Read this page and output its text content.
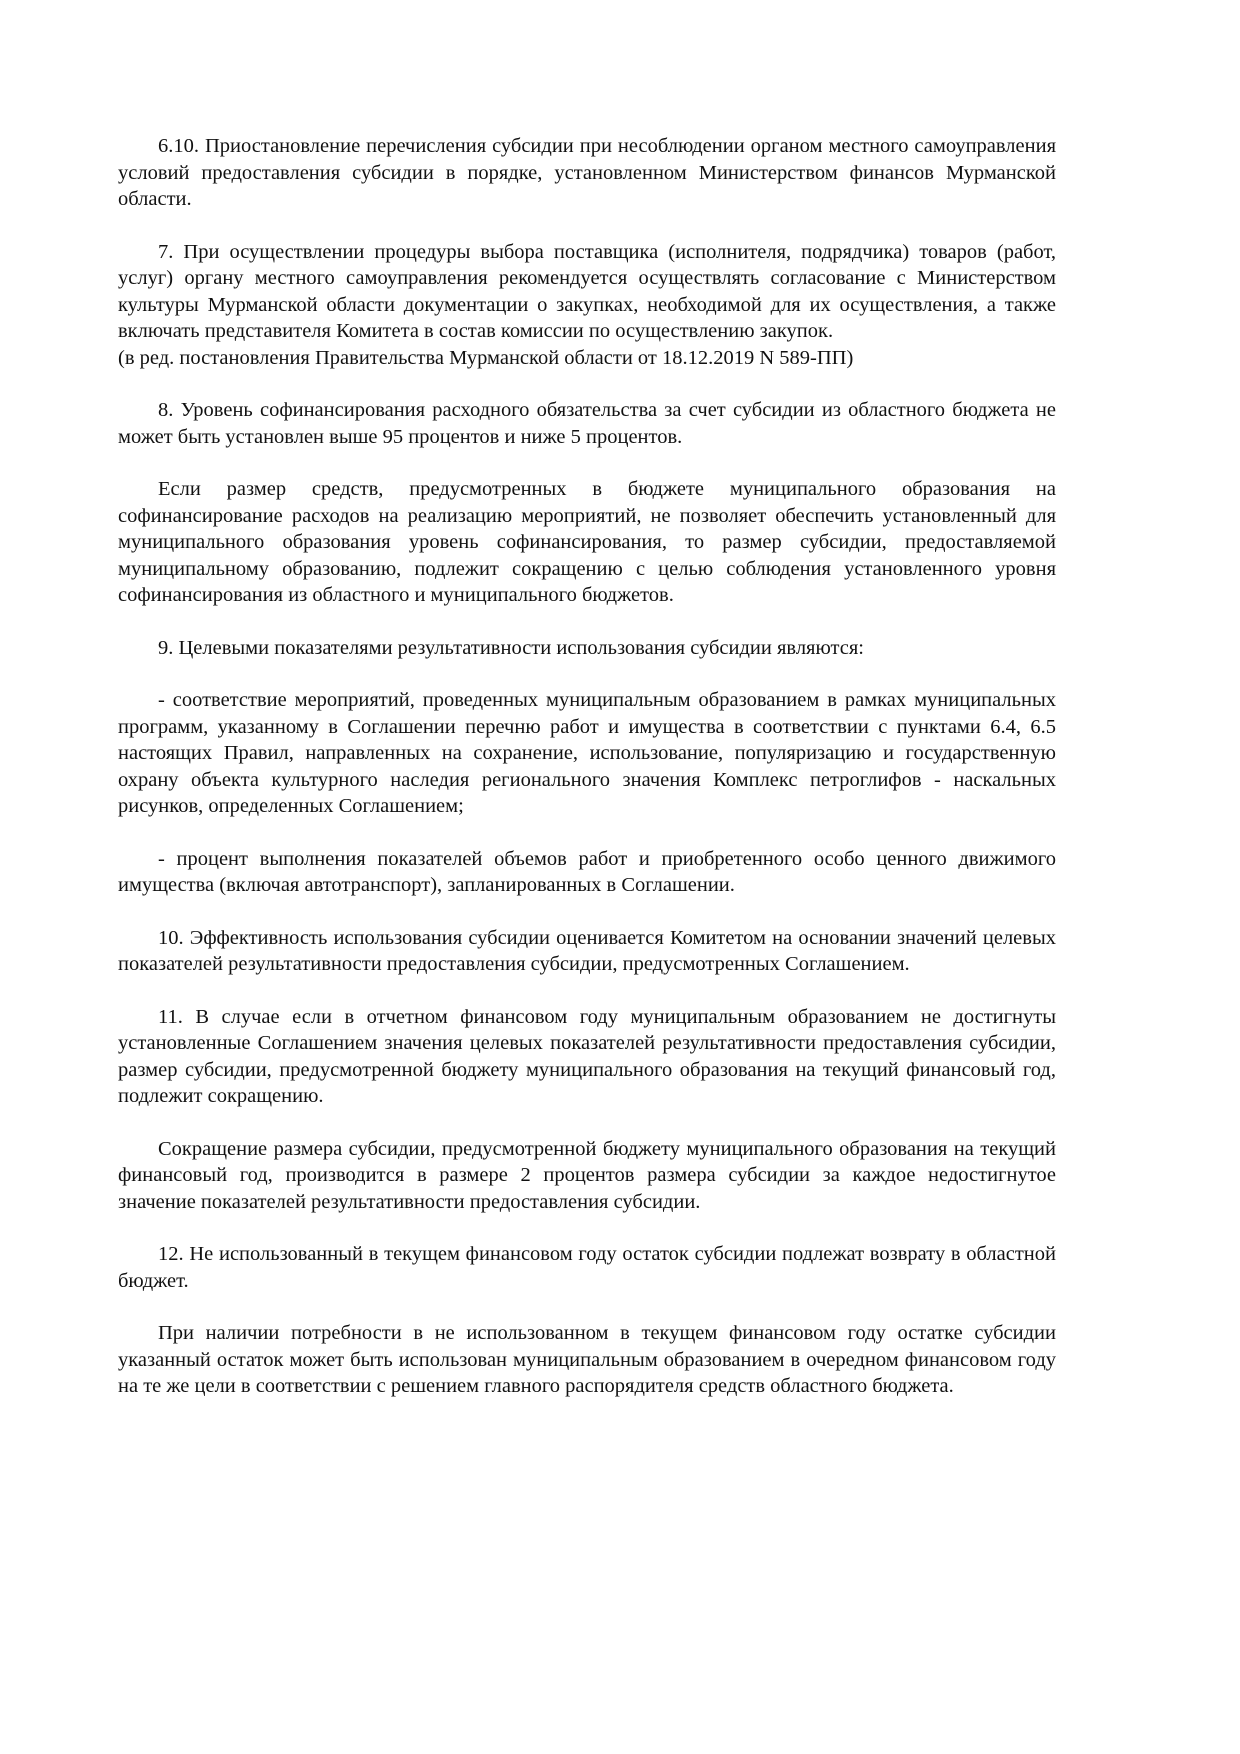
6.10. Приостановление перечисления субсидии при несоблюдении органом местного самоуправления условий предоставления субсидии в порядке, установленном Министерством финансов Мурманской области.

7. При осуществлении процедуры выбора поставщика (исполнителя, подрядчика) товаров (работ, услуг) органу местного самоуправления рекомендуется осуществлять согласование с Министерством культуры Мурманской области документации о закупках, необходимой для их осуществления, а также включать представителя Комитета в состав комиссии по осуществлению закупок.

(в ред. постановления Правительства Мурманской области от 18.12.2019 N 589-ПП)

8. Уровень софинансирования расходного обязательства за счет субсидии из областного бюджета не может быть установлен выше 95 процентов и ниже 5 процентов.

Если размер средств, предусмотренных в бюджете муниципального образования на софинансирование расходов на реализацию мероприятий, не позволяет обеспечить установленный для муниципального образования уровень софинансирования, то размер субсидии, предоставляемой муниципальному образованию, подлежит сокращению с целью соблюдения установленного уровня софинансирования из областного и муниципального бюджетов.

9. Целевыми показателями результативности использования субсидии являются:

- соответствие мероприятий, проведенных муниципальным образованием в рамках муниципальных программ, указанному в Соглашении перечню работ и имущества в соответствии с пунктами 6.4, 6.5 настоящих Правил, направленных на сохранение, использование, популяризацию и государственную охрану объекта культурного наследия регионального значения Комплекс петроглифов - наскальных рисунков, определенных Соглашением;

- процент выполнения показателей объемов работ и приобретенного особо ценного движимого имущества (включая автотранспорт), запланированных в Соглашении.

10. Эффективность использования субсидии оценивается Комитетом на основании значений целевых показателей результативности предоставления субсидии, предусмотренных Соглашением.

11. В случае если в отчетном финансовом году муниципальным образованием не достигнуты установленные Соглашением значения целевых показателей результативности предоставления субсидии, размер субсидии, предусмотренной бюджету муниципального образования на текущий финансовый год, подлежит сокращению.

Сокращение размера субсидии, предусмотренной бюджету муниципального образования на текущий финансовый год, производится в размере 2 процентов размера субсидии за каждое недостигнутое значение показателей результативности предоставления субсидии.

12. Не использованный в текущем финансовом году остаток субсидии подлежат возврату в областной бюджет.

При наличии потребности в не использованном в текущем финансовом году остатке субсидии указанный остаток может быть использован муниципальным образованием в очередном финансовом году на те же цели в соответствии с решением главного распорядителя средств областного бюджета.
